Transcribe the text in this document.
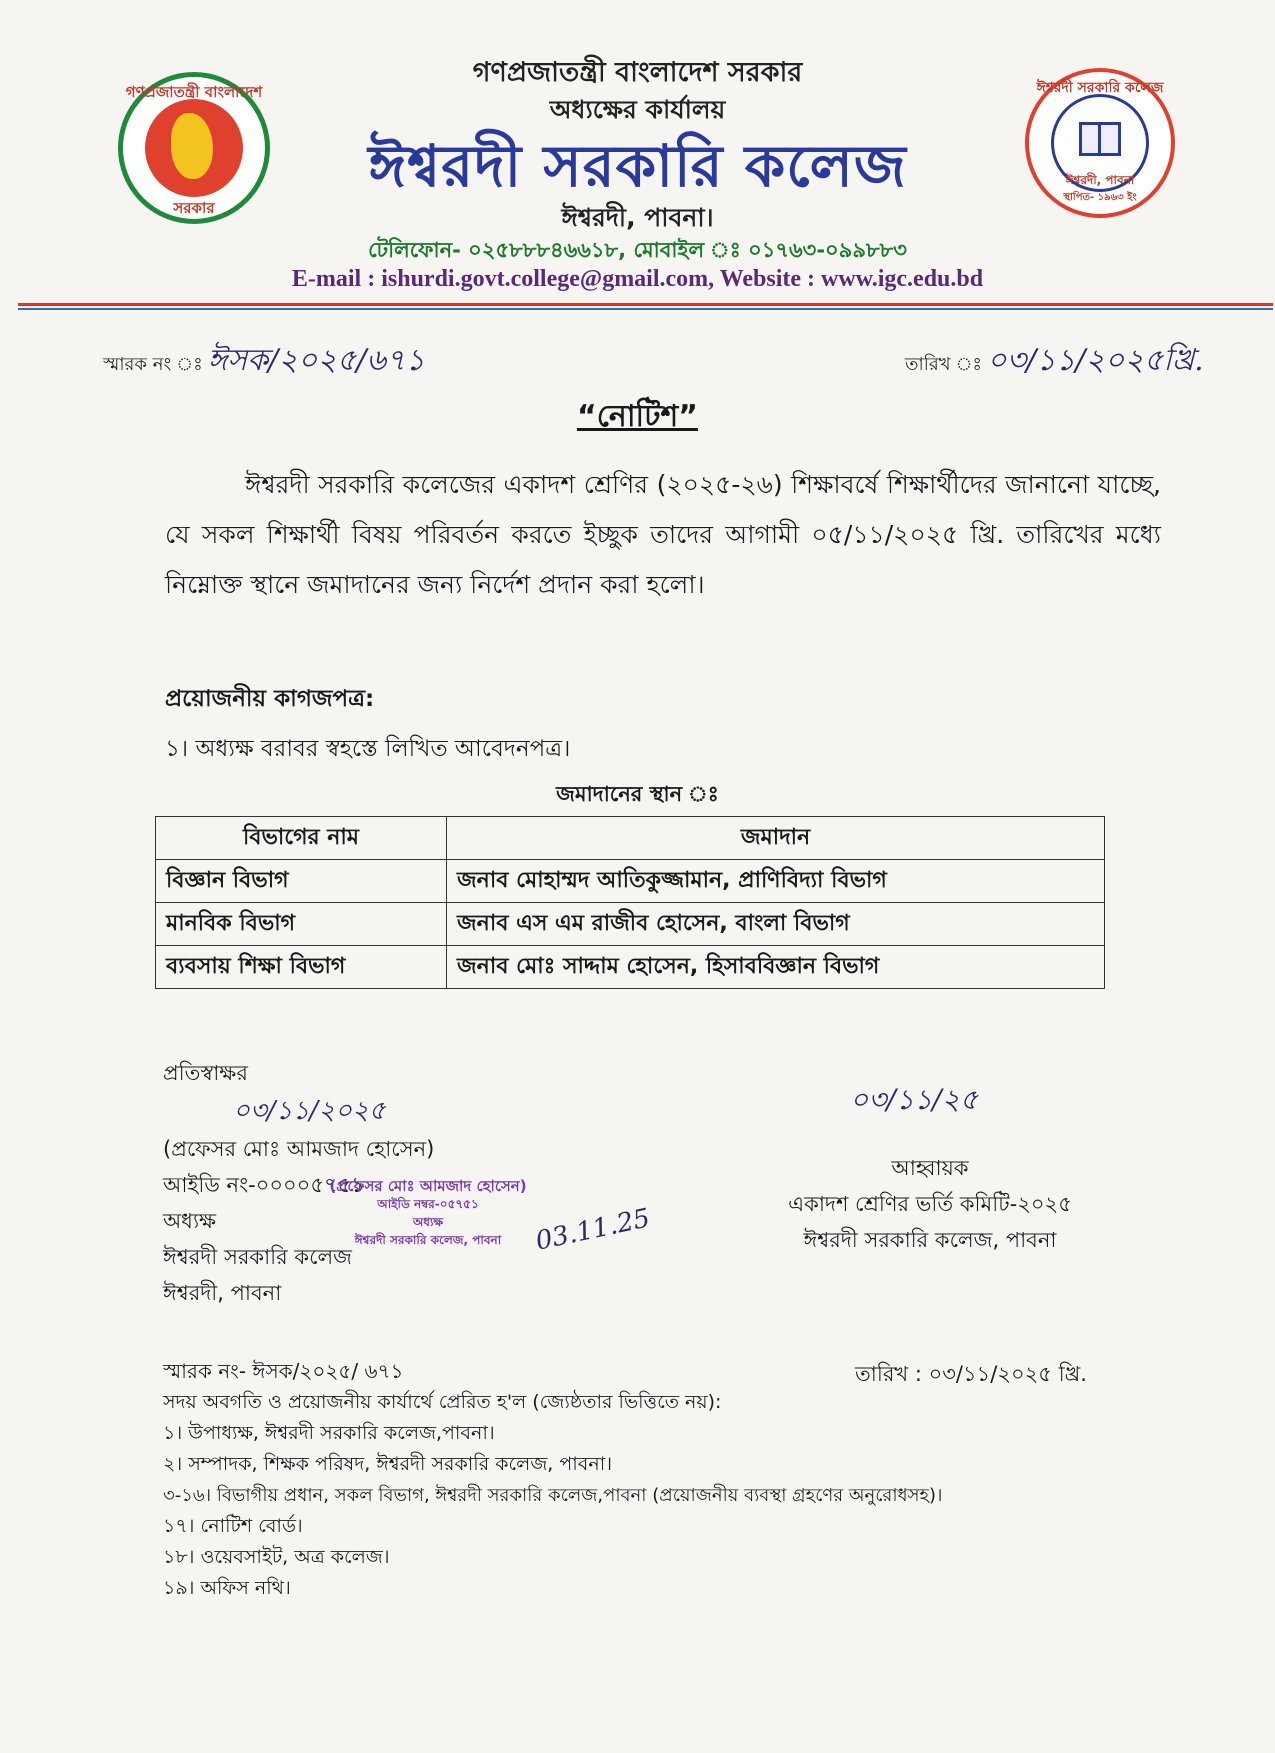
গণপ্রজাতন্ত্রী বাংলাদেশ
সরকার
ঈশ্বরদী সরকারি কলেজ
ঈশ্বরদী, পাবনা
স্থাপিত- ১৯৬৩ ইং
গণপ্রজাতন্ত্রী বাংলাদেশ সরকার
অধ্যক্ষের কার্যালয়
ঈশ্বরদী সরকারি কলেজ
ঈশ্বরদী, পাবনা।
টেলিফোন- ০২৫৮৮৮৪৬৬১৮, মোবাইল ঃ ০১৭৬৩-০৯৯৮৮৩
E-mail : ishurdi.govt.college@gmail.com, Website : www.igc.edu.bd
স্মারক নং ঃ ঈসক/২০২৫/৬৭১	তারিখ ঃ ০৩/১১/২০২৫খ্রি.
“নোটিশ”
ঈশ্বরদী সরকারি কলেজের একাদশ শ্রেণির (২০২৫-২৬) শিক্ষাবর্ষে শিক্ষার্থীদের জানানো যাচ্ছে, যে সকল শিক্ষার্থী বিষয় পরিবর্তন করতে ইচ্ছুক তাদের আগামী ০৫/১১/২০২৫ খ্রি. তারিখের মধ্যে নিম্নোক্ত স্থানে জমাদানের জন্য নির্দেশ প্রদান করা হলো।
প্রয়োজনীয় কাগজপত্র:
১। অধ্যক্ষ বরাবর স্বহস্তে লিখিত আবেদনপত্র।
জমাদানের স্থান ঃ
বিভাগের নাম	জমাদান
বিজ্ঞান বিভাগ	জনাব মোহাম্মদ আতিকুজ্জামান, প্রাণিবিদ্যা বিভাগ
মানবিক বিভাগ	জনাব এস এম রাজীব হোসেন, বাংলা বিভাগ
ব্যবসায় শিক্ষা বিভাগ	জনাব মোঃ সাদ্দাম হোসেন, হিসাববিজ্ঞান বিভাগ
প্রতিস্বাক্ষর
০৩/১১/২০২৫
(প্রফেসর মোঃ আমজাদ হোসেন)
আইডি নং-০০০০৫৭৫১
অধ্যক্ষ
ঈশ্বরদী সরকারি কলেজ
ঈশ্বরদী, পাবনা
(প্রফেসর মোঃ আমজাদ হোসেন)
আইডি নম্বর-০৫৭৫১
অধ্যক্ষ
ঈশ্বরদী সরকারি কলেজ, পাবনা	03.11.25
০৩/১১/২৫
আহ্বায়ক
একাদশ শ্রেণির ভর্তি কমিটি-২০২৫
ঈশ্বরদী সরকারি কলেজ, পাবনা
তারিখ : ০৩/১১/২০২৫ খ্রি.
স্মারক নং- ঈসক/২০২৫/ ৬৭১
সদয় অবগতি ও প্রয়োজনীয় কার্যার্থে প্রেরিত হ'ল (জ্যেষ্ঠতার ভিত্তিতে নয়):
১। উপাধ্যক্ষ, ঈশ্বরদী সরকারি কলেজ,পাবনা।
২। সম্পাদক, শিক্ষক পরিষদ, ঈশ্বরদী সরকারি কলেজ, পাবনা।
৩-১৬। বিভাগীয় প্রধান, সকল বিভাগ, ঈশ্বরদী সরকারি কলেজ,পাবনা (প্রয়োজনীয় ব্যবস্থা গ্রহণের অনুরোধসহ)।
১৭। নোটিশ বোর্ড।
১৮। ওয়েবসাইট, অত্র কলেজ।
১৯। অফিস নথি।
